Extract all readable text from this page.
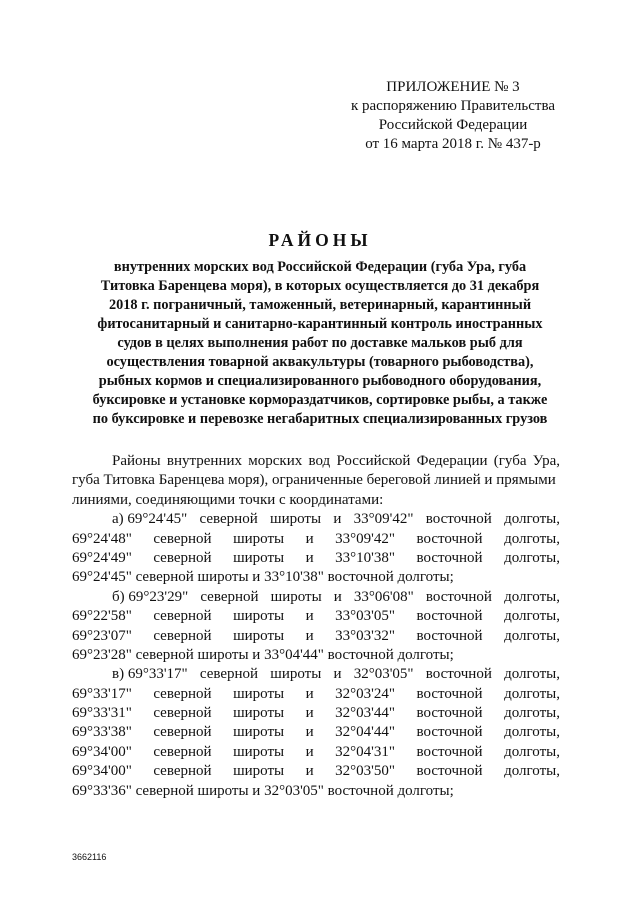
ПРИЛОЖЕНИЕ № 3
к распоряжению Правительства
Российской Федерации
от 16 марта 2018 г. № 437-р
РАЙОНЫ
внутренних морских вод Российской Федерации (губа Ура, губа
Титовка Баренцева моря), в которых осуществляется до 31 декабря
2018 г. пограничный, таможенный, ветеринарный, карантинный
фитосанитарный и санитарно-карантинный контроль иностранных
судов в целях выполнения работ по доставке мальков рыб для
осуществления товарной аквакультуры (товарного рыбоводства),
рыбных кормов и специализированного рыбоводного оборудования,
буксировке и установке кормораздатчиков, сортировке рыбы, а также
по буксировке и перевозке негабаритных специализированных грузов
Районы внутренних морских вод Российской Федерации (губа Ура,
губа Титовка Баренцева моря), ограниченные береговой линией и прямыми
линиями, соединяющими точки с координатами:
а) 69°24'45" северной широты и 33°09'42" восточной долготы,
69°24'48" северной широты и 33°09'42" восточной долготы,
69°24'49" северной широты и 33°10'38" восточной долготы,
69°24'45" северной широты и 33°10'38" восточной долготы;
б) 69°23'29" северной широты и 33°06'08" восточной долготы,
69°22'58" северной широты и 33°03'05" восточной долготы,
69°23'07" северной широты и 33°03'32" восточной долготы,
69°23'28" северной широты и 33°04'44" восточной долготы;
в) 69°33'17" северной широты и 32°03'05" восточной долготы,
69°33'17" северной широты и 32°03'24" восточной долготы,
69°33'31" северной широты и 32°03'44" восточной долготы,
69°33'38" северной широты и 32°04'44" восточной долготы,
69°34'00" северной широты и 32°04'31" восточной долготы,
69°34'00" северной широты и 32°03'50" восточной долготы,
69°33'36" северной широты и 32°03'05" восточной долготы;
3662116
